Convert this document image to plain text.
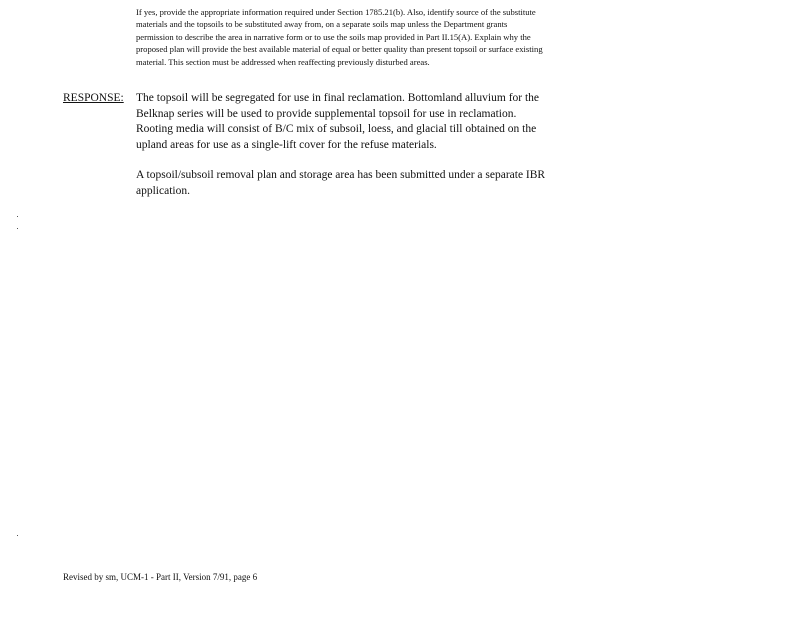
If yes, provide the appropriate information required under Section 1785.21(b). Also, identify source of the substitute materials and the topsoils to be substituted away from, on a separate soils map unless the Department grants permission to describe the area in narrative form or to use the soils map provided in Part II.15(A). Explain why the proposed plan will provide the best available material of equal or better quality than present topsoil or surface existing material. This section must be addressed when reaffecting previously disturbed areas.

RESPONSE: The topsoil will be segregated for use in final reclamation. Bottomland alluvium for the Belknap series will be used to provide supplemental topsoil for use in reclamation. Rooting media will consist of B/C mix of subsoil, loess, and glacial till obtained on the upland areas for use as a single-lift cover for the refuse materials.

A topsoil/subsoil removal plan and storage area has been submitted under a separate IBR application.

Revised by sm, UCM-1 - Part II, Version 7/91, page 6
